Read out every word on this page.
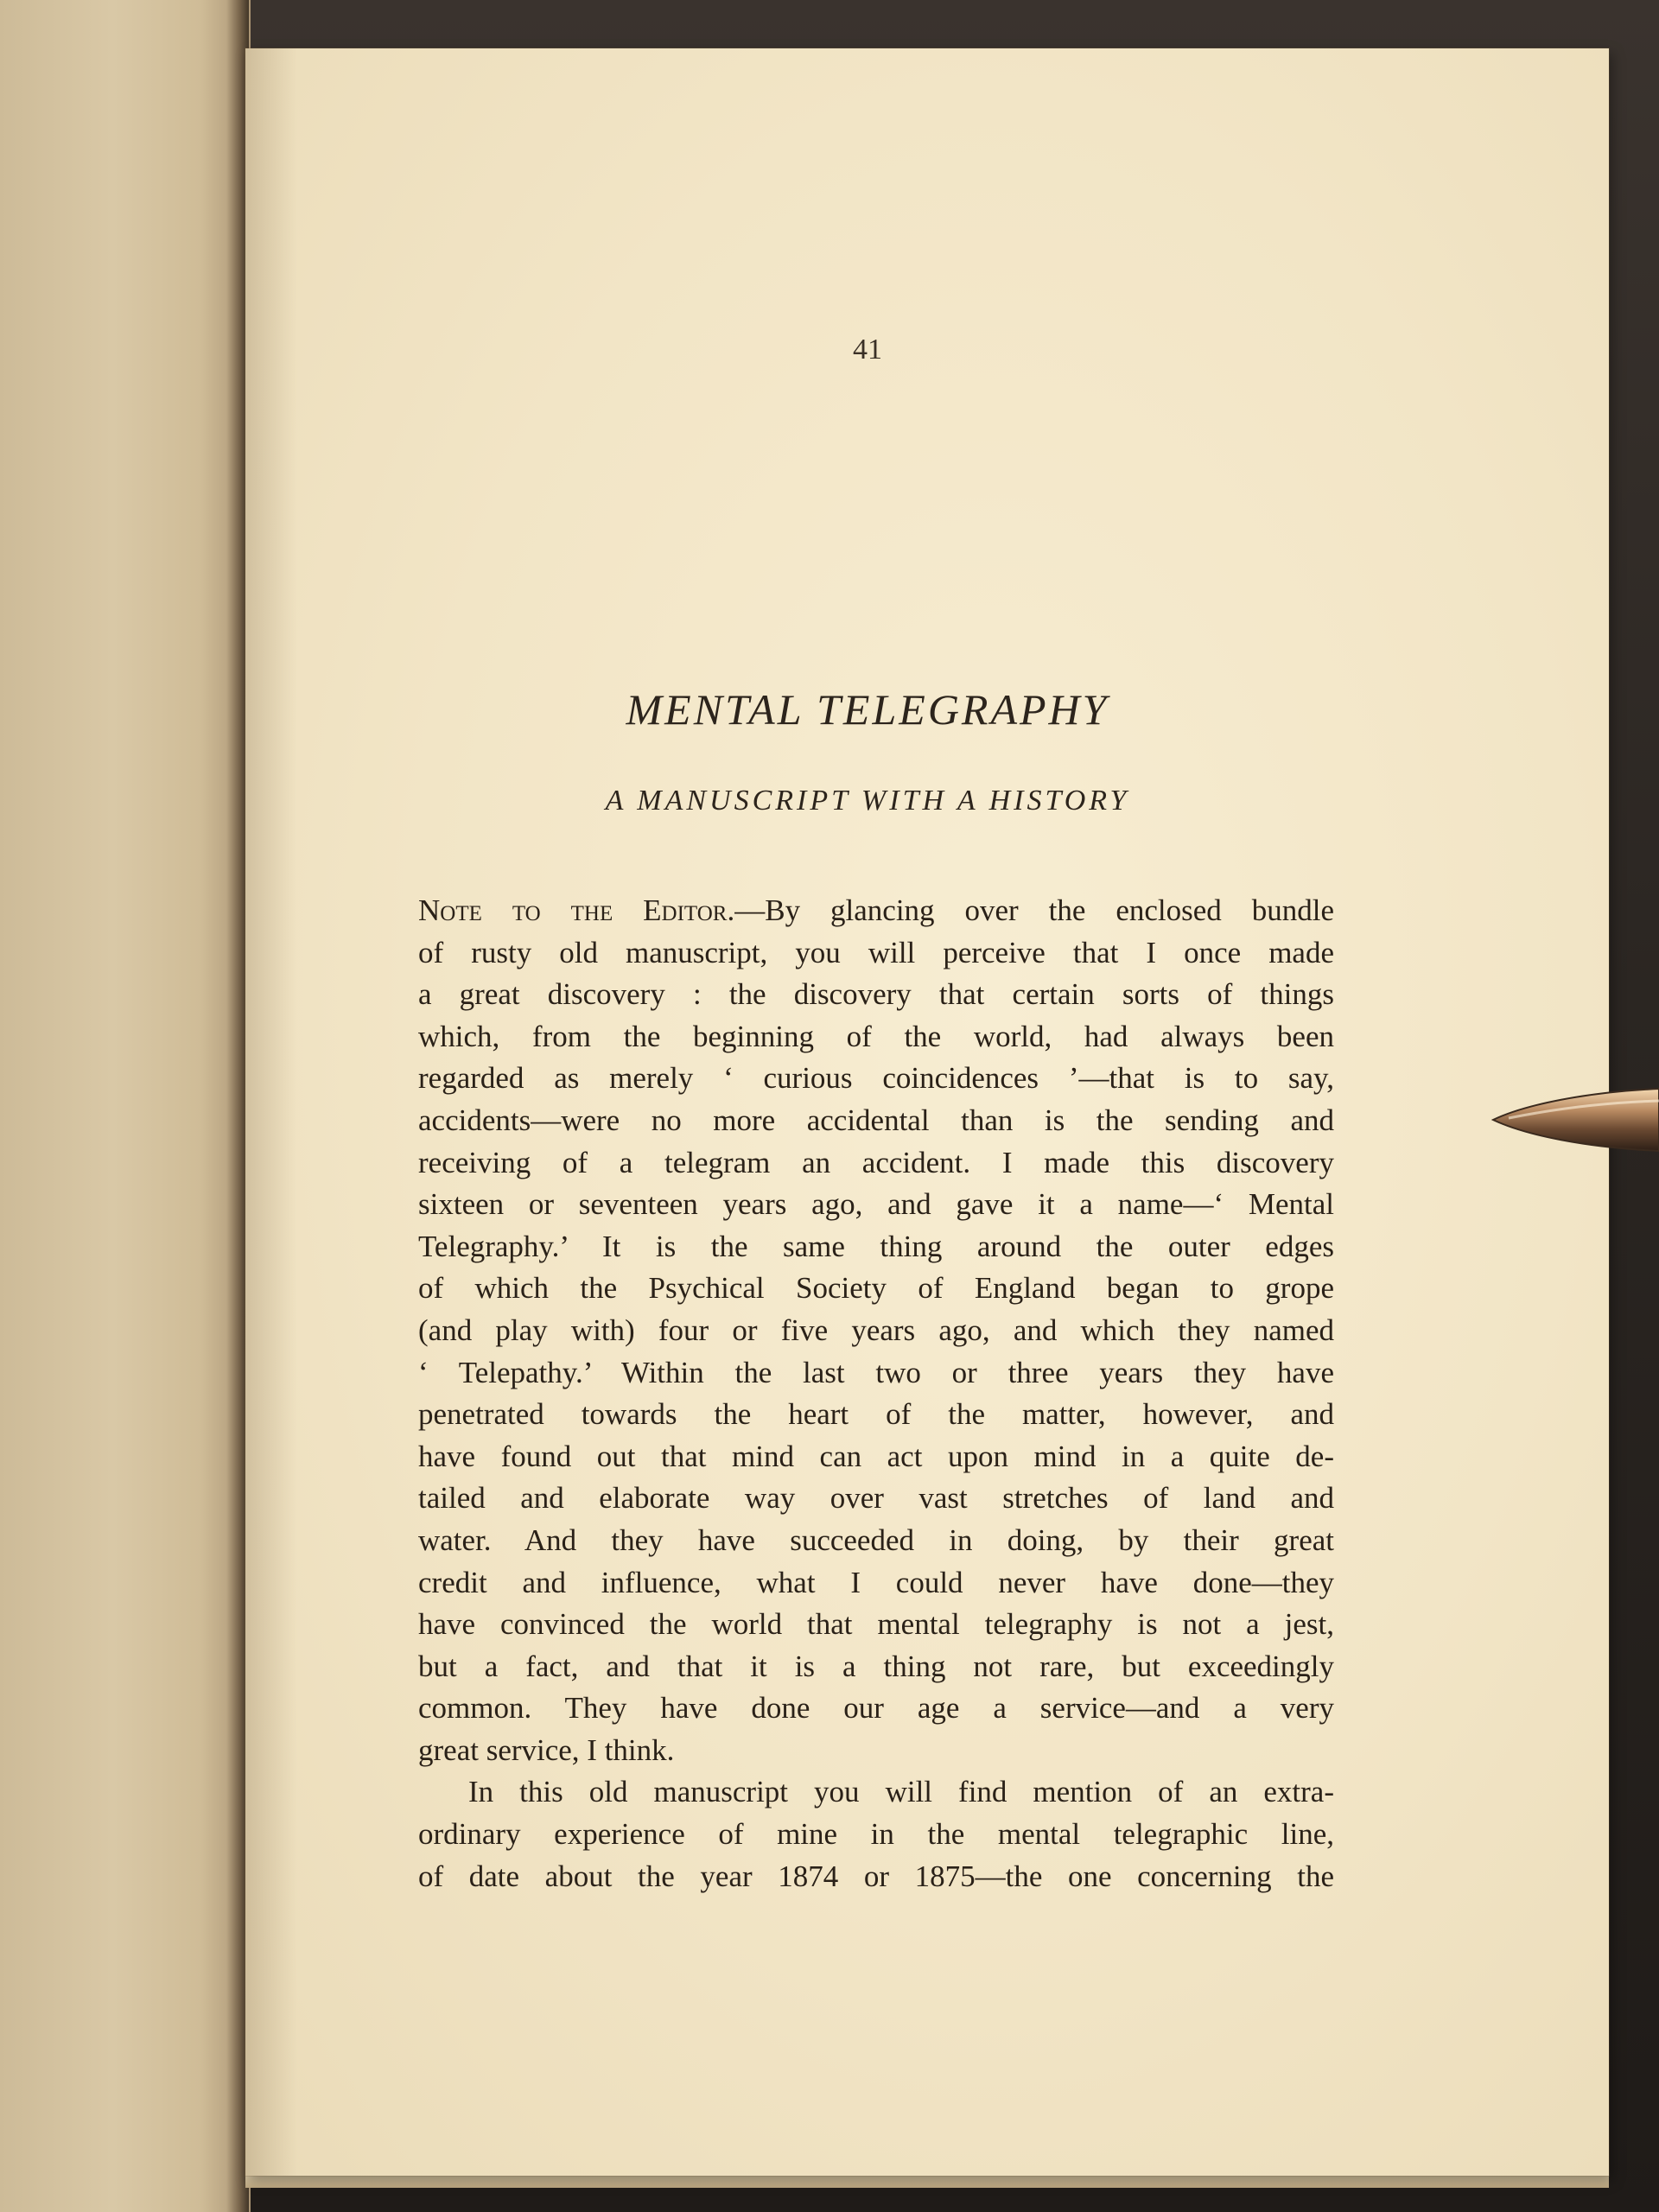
41
MENTAL TELEGRAPHY
A MANUSCRIPT WITH A HISTORY
Note to the Editor.—By glancing over the enclosed bundle
of rusty old manuscript, you will perceive that I once made
a great discovery : the discovery that certain sorts of things
which, from the beginning of the world, had always been
regarded as merely ‘ curious coincidences ’—that is to say,
accidents—were no more accidental than is the sending and
receiving of a telegram an accident. I made this discovery
sixteen or seventeen years ago, and gave it a name—‘ Mental
Telegraphy.’ It is the same thing around the outer edges
of which the Psychical Society of England began to grope
(and play with) four or five years ago, and which they named
‘ Telepathy.’ Within the last two or three years they have
penetrated towards the heart of the matter, however, and
have found out that mind can act upon mind in a quite de-
tailed and elaborate way over vast stretches of land and
water. And they have succeeded in doing, by their great
credit and influence, what I could never have done—they
have convinced the world that mental telegraphy is not a jest,
but a fact, and that it is a thing not rare, but exceedingly
common. They have done our age a service—and a very
great service, I think.
In this old manuscript you will find mention of an extra-
ordinary experience of mine in the mental telegraphic line,
of date about the year 1874 or 1875—the one concerning the
